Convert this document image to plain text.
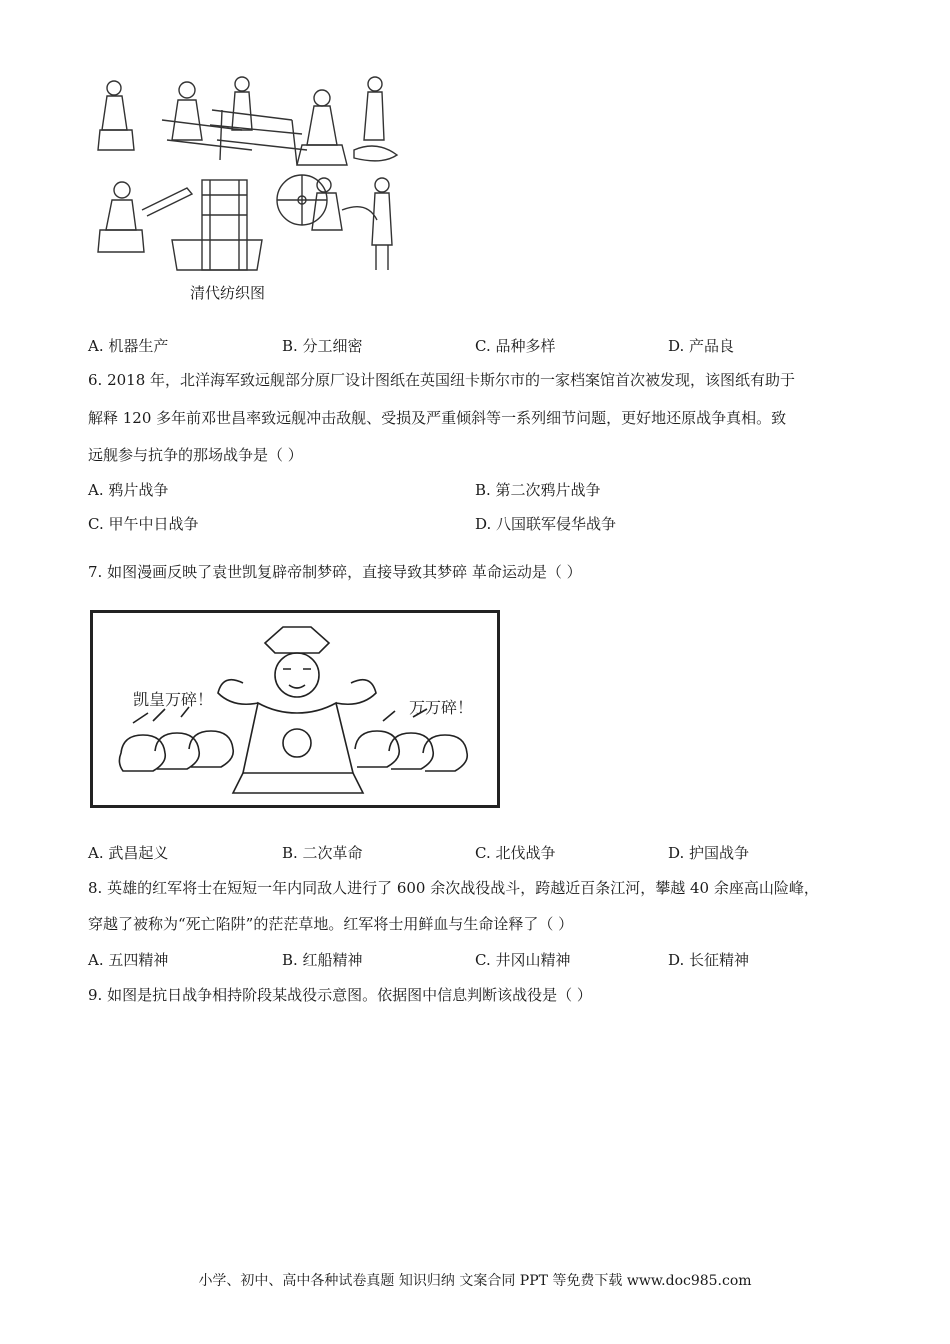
清代纺织图
A. 机器生产	B. 分工细密	C. 品种多样	D. 产品良
6. 2018 年，北洋海军致远舰部分原厂设计图纸在英国纽卡斯尔市的一家档案馆首次被发现，该图纸有助于
解释 120 多年前邓世昌率致远舰冲击敌舰、受损及严重倾斜等一系列细节问题，更好地还原战争真相。致
远舰参与抗争的那场战争是（ ）
A. 鸦片战争	B. 第二次鸦片战争
C. 甲午中日战争	D. 八国联军侵华战争
7. 如图漫画反映了袁世凯复辟帝制梦碎，直接导致其梦碎 革命运动是（ ）
凯皇万碎！	万万碎！
A. 武昌起义	B. 二次革命	C. 北伐战争	D. 护国战争
8. 英雄的红军将士在短短一年内同敌人进行了 600 余次战役战斗，跨越近百条江河，攀越 40 余座高山险峰，
穿越了被称为“死亡陷阱”的茫茫草地。红军将士用鲜血与生命诠释了（ ）
A. 五四精神	B. 红船精神	C. 井冈山精神	D. 长征精神
9. 如图是抗日战争相持阶段某战役示意图。依据图中信息判断该战役是（ ）
小学、初中、高中各种试卷真题 知识归纳 文案合同 PPT 等免费下载 www.doc985.com
